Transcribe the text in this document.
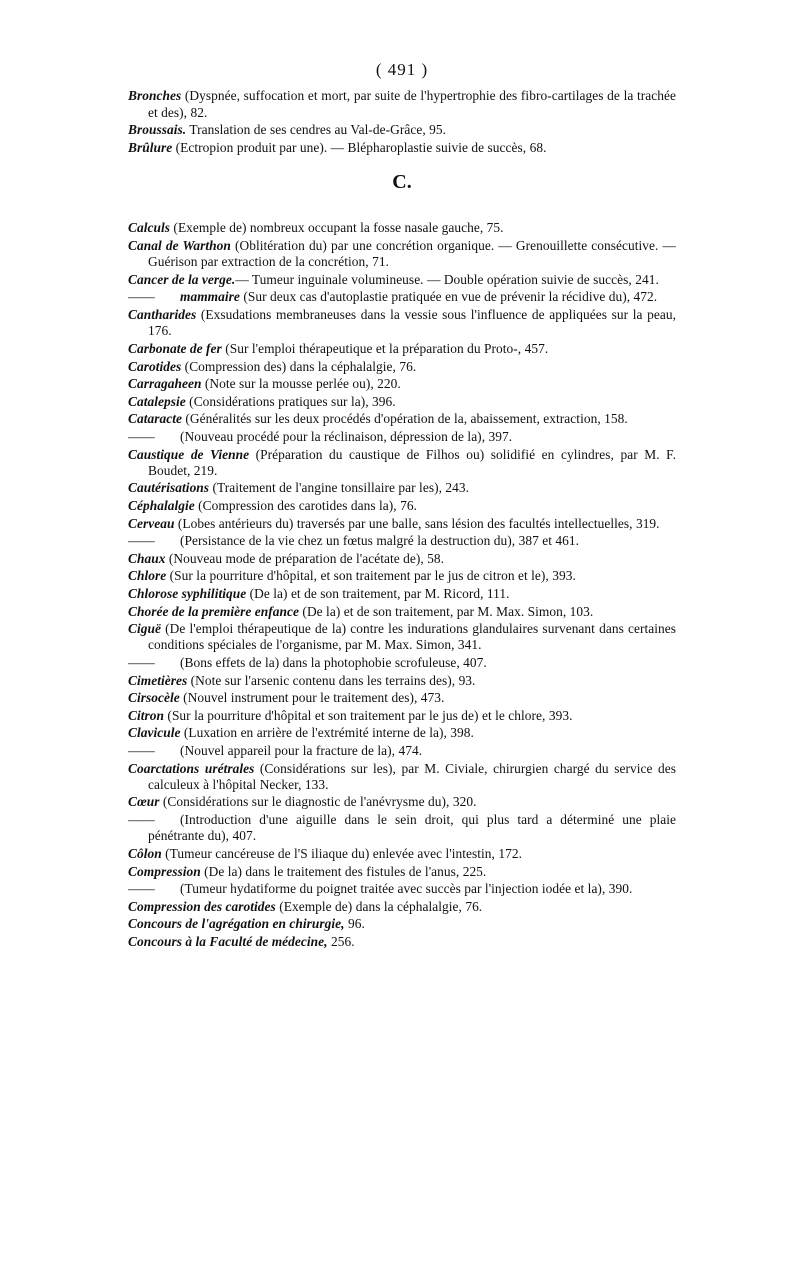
( 491 )

Bronches (Dyspnée, suffocation et mort, par suite de l'hypertrophie des fibro-cartilages de la trachée et des), 82.

Broussais. Translation de ses cendres au Val-de-Grâce, 95.

Brûlure (Ectropion produit par une). — Blépharoplastie suivie de succès, 68.

C.

Calculs (Exemple de) nombreux occupant la fosse nasale gauche, 75.

Canal de Warthon (Oblitération du) par une concrétion organique. — Grenouillette consécutive. — Guérison par extraction de la concrétion, 71.

Cancer de la verge.— Tumeur inguinale volumineuse. — Double opération suivie de succès, 241.

—— mammaire (Sur deux cas d'autoplastie pratiquée en vue de prévenir la récidive du), 472.

Cantharides (Exsudations membraneuses dans la vessie sous l'influence de appliquées sur la peau, 176.

Carbonate de fer (Sur l'emploi thérapeutique et la préparation du Proto-, 457.

Carotides (Compression des) dans la céphalalgie, 76.

Carragaheen (Note sur la mousse perlée ou), 220.

Catalepsie (Considérations pratiques sur la), 396.

Cataracte (Généralités sur les deux procédés d'opération de la, abaissement, extraction, 158.

—— (Nouveau procédé pour la réclinaison, dépression de la), 397.

Caustique de Vienne (Préparation du caustique de Filhos ou) solidifié en cylindres, par M. F. Boudet, 219.

Cautérisations (Traitement de l'angine tonsillaire par les), 243.

Céphalalgie (Compression des carotides dans la), 76.

Cerveau (Lobes antérieurs du) traversés par une balle, sans lésion des facultés intellectuelles, 319.

—— (Persistance de la vie chez un fœtus malgré la destruction du), 387 et 461.

Chaux (Nouveau mode de préparation de l'acétate de), 58.

Chlore (Sur la pourriture d'hôpital, et son traitement par le jus de citron et le), 393.

Chlorose syphilitique (De la) et de son traitement, par M. Ricord, 111.

Chorée de la première enfance (De la) et de son traitement, par M. Max. Simon, 103.

Ciguë (De l'emploi thérapeutique de la) contre les indurations glandulaires survenant dans certaines conditions spéciales de l'organisme, par M. Max. Simon, 341.

—— (Bons effets de la) dans la photophobie scrofuleuse, 407.

Cimetières (Note sur l'arsenic contenu dans les terrains des), 93.

Cirsocèle (Nouvel instrument pour le traitement des), 473.

Citron (Sur la pourriture d'hôpital et son traitement par le jus de) et le chlore, 393.

Clavicule (Luxation en arrière de l'extrémité interne de la), 398.

—— (Nouvel appareil pour la fracture de la), 474.

Coarctations urétrales (Considérations sur les), par M. Civiale, chirurgien chargé du service des calculeux à l'hôpital Necker, 133.

Cœur (Considérations sur le diagnostic de l'anévrysme du), 320.

—— (Introduction d'une aiguille dans le sein droit, qui plus tard a déterminé une plaie pénétrante du), 407.

Côlon (Tumeur cancéreuse de l'S iliaque du) enlevée avec l'intestin, 172.

Compression (De la) dans le traitement des fistules de l'anus, 225.

—— (Tumeur hydatiforme du poignet traitée avec succès par l'injection iodée et la), 390.

Compression des carotides (Exemple de) dans la céphalalgie, 76.

Concours de l'agrégation en chirurgie, 96.

Concours à la Faculté de médecine, 256.
